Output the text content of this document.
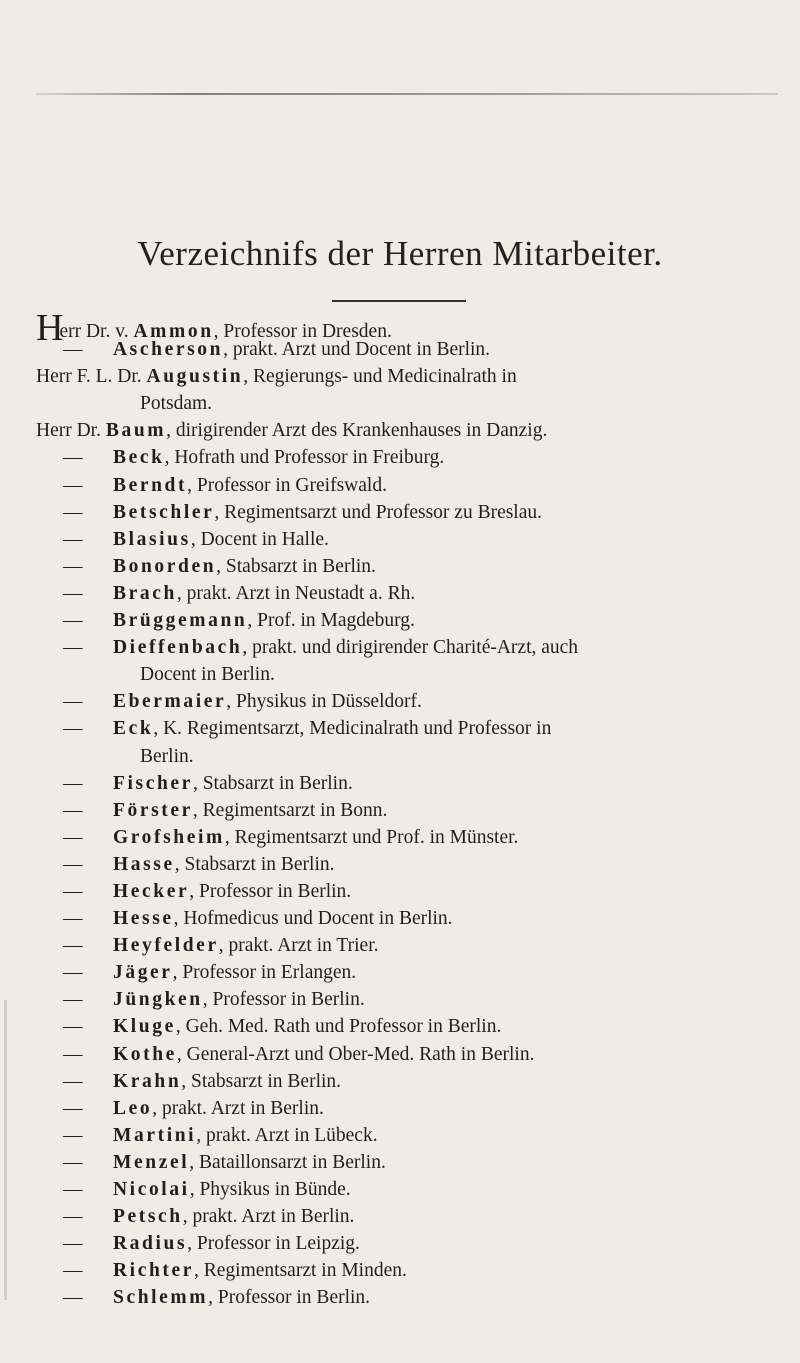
Verzeichnifs der Herren Mitarbeiter.
Herr Dr. v. Ammon, Professor in Dresden.
— Ascherson, prakt. Arzt und Docent in Berlin.
Herr F. L. Dr. Augustin, Regierungs- und Medicinalrath in
Potsdam.
Herr Dr. Baum, dirigirender Arzt des Krankenhauses in Danzig.
— Beck, Hofrath und Professor in Freiburg.
— Berndt, Professor in Greifswald.
— Betschler, Regimentsarzt und Professor zu Breslau.
— Blasius, Docent in Halle.
— Bonorden, Stabsarzt in Berlin.
— Brach, prakt. Arzt in Neustadt a. Rh.
— Brüggemann, Prof. in Magdeburg.
— Dieffenbach, prakt. und dirigirender Charité-Arzt, auch
Docent in Berlin.
— Ebermaier, Physikus in Düsseldorf.
— Eck, K. Regimentsarzt, Medicinalrath und Professor in
Berlin.
— Fischer, Stabsarzt in Berlin.
— Förster, Regimentsarzt in Bonn.
— Grofsheim, Regimentsarzt und Prof. in Münster.
— Hasse, Stabsarzt in Berlin.
— Hecker, Professor in Berlin.
— Hesse, Hofmedicus und Docent in Berlin.
— Heyfelder, prakt. Arzt in Trier.
— Jäger, Professor in Erlangen.
— Jüngken, Professor in Berlin.
— Kluge, Geh. Med. Rath und Professor in Berlin.
— Kothe, General-Arzt und Ober-Med. Rath in Berlin.
— Krahn, Stabsarzt in Berlin.
— Leo, prakt. Arzt in Berlin.
— Martini, prakt. Arzt in Lübeck.
— Menzel, Bataillonsarzt in Berlin.
— Nicolai, Physikus in Bünde.
— Petsch, prakt. Arzt in Berlin.
— Radius, Professor in Leipzig.
— Richter, Regimentsarzt in Minden.
— Schlemm, Professor in Berlin.
